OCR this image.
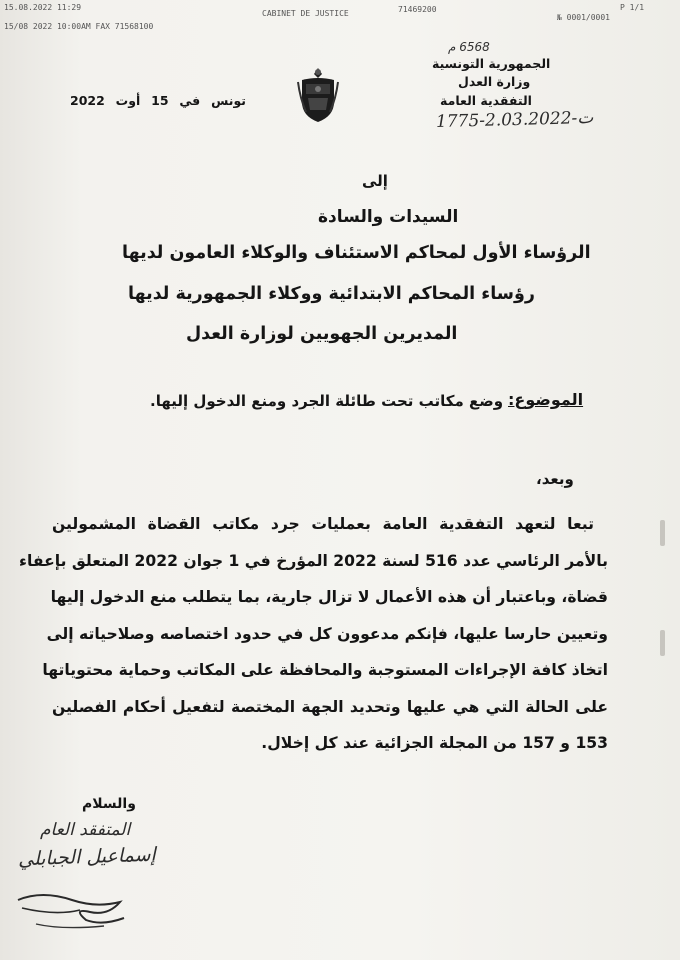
15.08.2022 11:29
CABINET DE JUSTICE	71469200
№ 0001/0001
P 1/1
15/08 2022 10:00AM FAX 71568100
6568 م
الجمهورية التونسية
وزارة العدل
التفقدية العامة
1775-2.03.2022-ت
تونس في 15 أوت 2022
إلى
السيدات والسادة
الرؤساء الأول لمحاكم الاستئناف والوكلاء العامون لديها
رؤساء المحاكم الابتدائية ووكلاء الجمهورية لديها
المديرين الجهويين لوزارة العدل
الموضوع:
وضع مكاتب تحت طائلة الجرد ومنع الدخول إليها.
وبعد،
تبعا لتعهد التفقدية العامة بعمليات جرد مكاتب القضاة المشمولين
بالأمر الرئاسي عدد 516 لسنة 2022 المؤرخ في 1 جوان 2022 المتعلق بإعفاء
قضاة، وباعتبار أن هذه الأعمال لا تزال جارية، بما يتطلب منع الدخول إليها
وتعيين حارسا عليها، فإنكم مدعوون كل في حدود اختصاصه وصلاحياته إلى
اتخاذ كافة الإجراءات المستوجبة والمحافظة على المكاتب وحماية محتوياتها
على الحالة التي هي عليها وتحديد الجهة المختصة لتفعيل أحكام الفصلين
153 و 157 من المجلة الجزائية عند كل إخلال.
والسلام
المتفقد العام
إسماعيل الجبابلي
